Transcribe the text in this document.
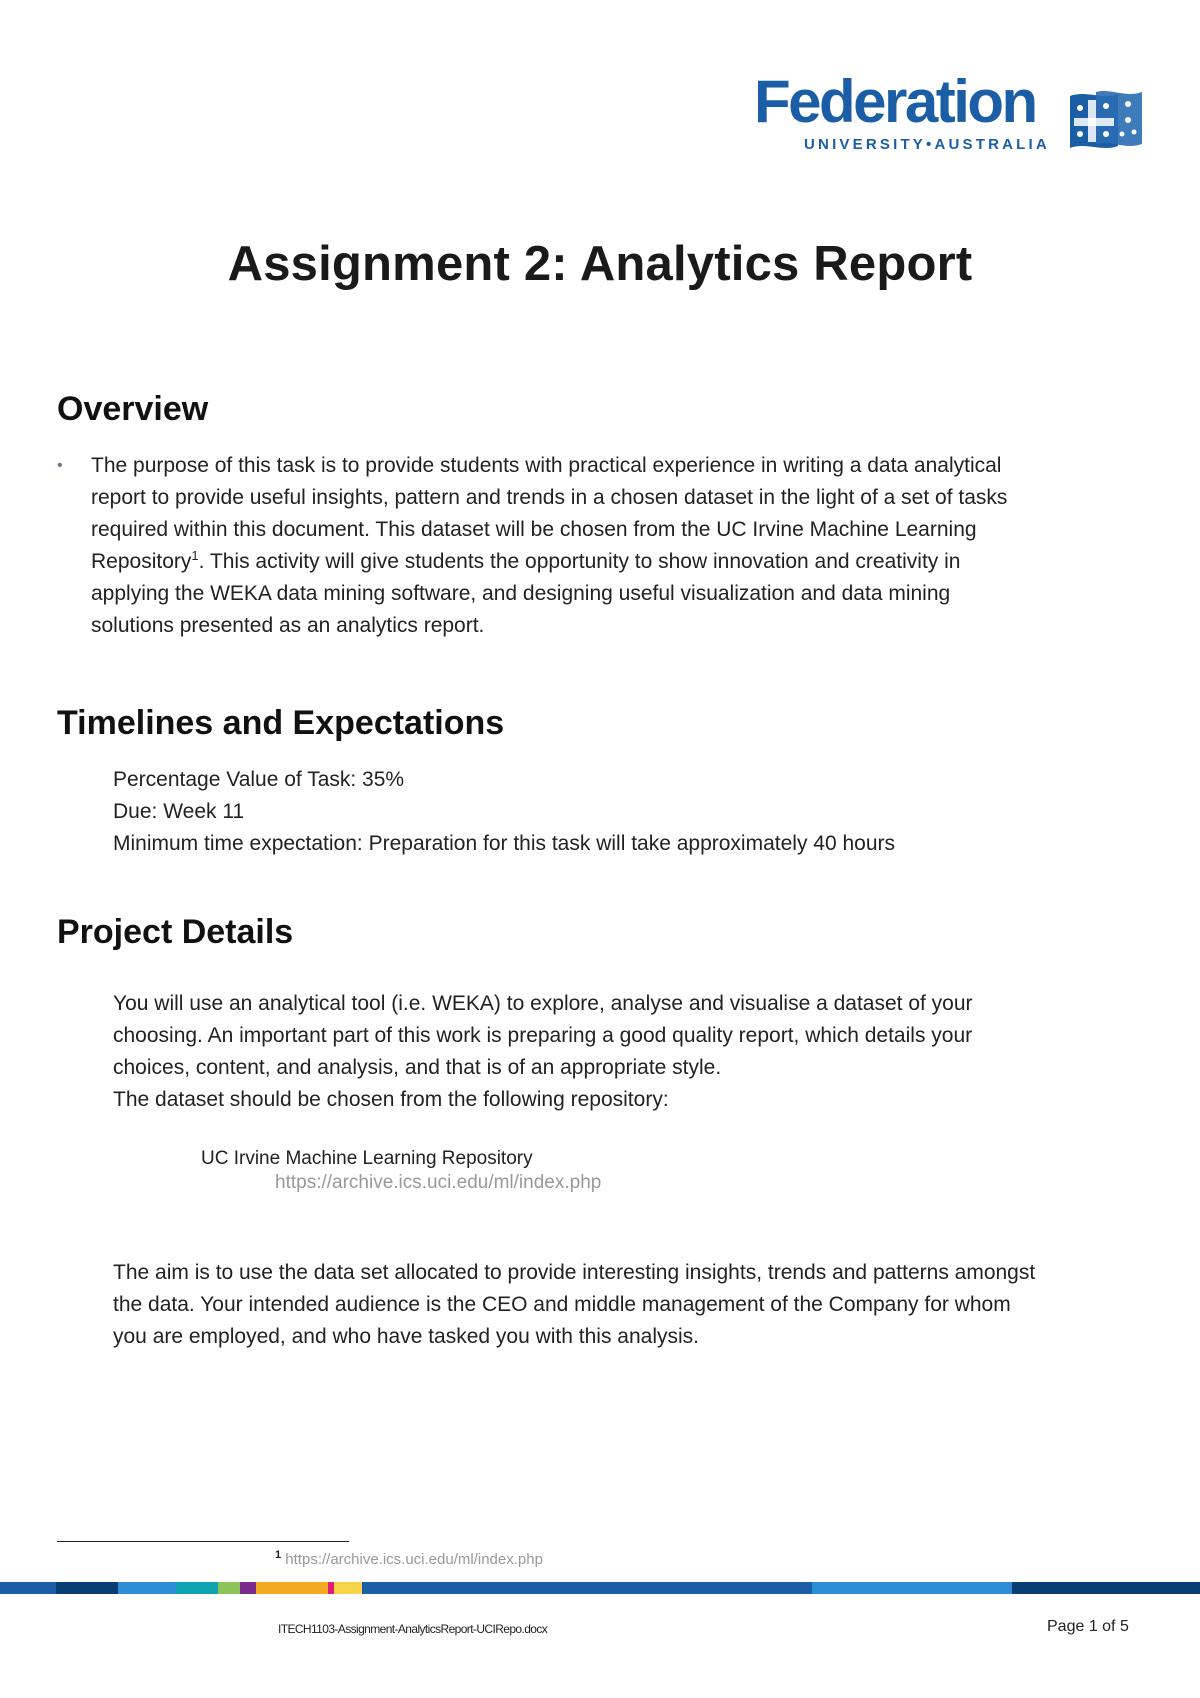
Federation
UNIVERSITY•AUSTRALIA
Assignment 2: Analytics Report
Overview
• The purpose of this task is to provide students with practical experience in writing a data analytical report to provide useful insights, pattern and trends in a chosen dataset in the light of a set of tasks required within this document. This dataset will be chosen from the UC Irvine Machine Learning Repository$^1$. This activity will give students the opportunity to show innovation and creativity in applying the WEKA data mining software, and designing useful visualization and data mining solutions presented as an analytics report.

Timelines and Expectations
Percentage Value of Task: 35%
Due: Week 11
Minimum time expectation: Preparation for this task will take approximately 40 hours
Project Details

You will use an analytical tool (i.e. WEKA) to explore, analyse and visualise a dataset of your choosing. An important part of this work is preparing a good quality report, which details your choices, content, and analysis, and that is of an appropriate style.

The dataset should be chosen from the following repository:

UC Irvine Machine Learning Repository
https://archive.ics.uci.edu/ml/index.php

The aim is to use the data set allocated to provide interesting insights, trends and patterns amongst the data. Your intended audience is the CEO and middle management of the Company for whom you are employed, and who have tasked you with this analysis.

$^1$ https://archive.ics.uci.edu/ml/index.php
ITECH1103-Assignment-AnalyticsReport-UCIRepo.docx	Page 1 of 5
